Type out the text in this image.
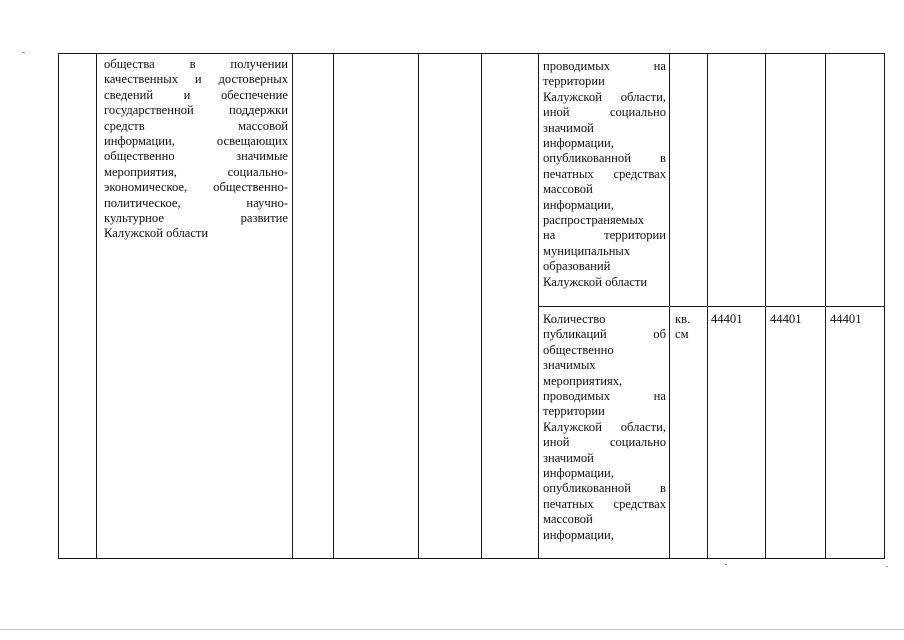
общества в получении
качественных и достоверных
сведений и обеспечение
государственной поддержки
средств массовой
информации, освещающих
общественно значимые
мероприятия, социально-
экономическое, общественно-
политическое, научно-
культурное развитие
Калужской области
проводимых на
территории
Калужской области,
иной социально
значимой
информации,
опубликованной в
печатных средствах
массовой
информации,
распространяемых
на территории
муниципальных
образований
Калужской области
Количество
публикаций об
общественно
значимых
мероприятиях,
проводимых на
территории
Калужской области,
иной социально
значимой
информации,
опубликованной в
печатных средствах
массовой
информации,
кв.
см
44401 44401 44401
